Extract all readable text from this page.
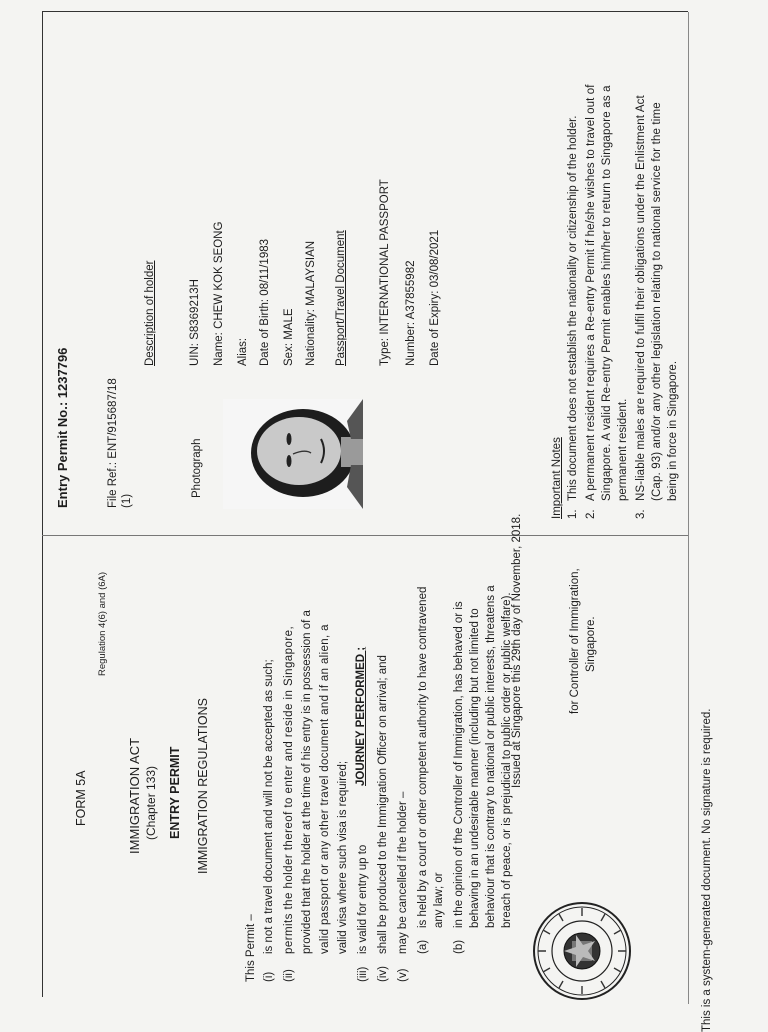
FORM 5A
Regulation 4(6) and (6A)
IMMIGRATION ACT (Chapter 133) ENTRY PERMIT IMMIGRATION REGULATIONS
This Permit – (i)
is not a travel document and will not be accepted as such;
(ii)
permits the holder thereof to enter and reside in Singapore, provided that the holder at the time of his entry is in possession of a valid passport or any other travel document and if an alien, a valid visa where such visa is required;
(iii)
is valid for entry up to
JOURNEY PERFORMED ;
(iv)
shall be produced to the Immigration Officer on arrival; and
(v)
may be cancelled if the holder – (a)
is held by a court or other competent authority to have contravened any law; or
(b)
in the opinion of the Controller of Immigration, has behaved or is behaving in an undesirable manner (including but not limited to behaviour that is contrary to national or public interests, threatens a breach of peace, or is prejudicial to public order or public welfare).	for Controller of Immigration, Singapore.
Issued at Singapore this 29th day of November, 2018.
This is a system-generated document. No signature is required.
Entry Permit No.: 1237796	File Ref.: ENT/915687/18 (1)
Photograph
Description of holder	UIN: S8369213H Name: CHEW KOK SEONG Alias: Date of Birth: 08/11/1983 Sex: MALE Nationality: MALAYSIAN Passport/Travel Document	Type: INTERNATIONAL PASSPORT Number: A37855982 Date of Expiry: 03/08/2021
Important Notes 1.
This document does not establish the nationality or citizenship of the holder.
2.
A permanent resident requires a Re-entry Permit if he/she wishes to travel out of Singapore. A valid Re-entry Permit enables him/her to return to Singapore as a permanent resident.
3.
NS-liable males are required to fulfil their obligations under the Enlistment Act (Cap. 93) and/or any other legislation relating to national service for the time being in force in Singapore.
